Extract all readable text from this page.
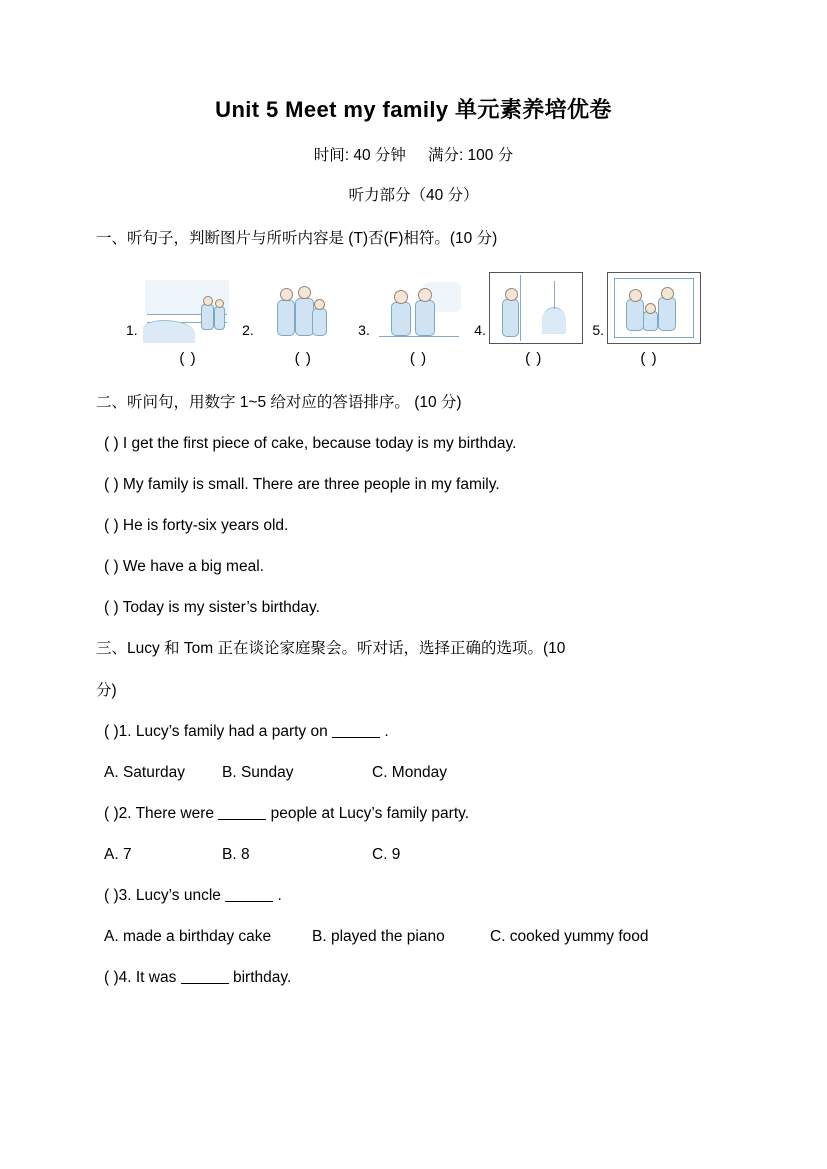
Unit 5 Meet my family 单元素养培优卷
时间: 40 分钟 满分: 100 分
听力部分（40 分）
一、听句子，判断图片与所听内容是 (T)否(F)相符。(10 分)
1.	2.	3.	4.	5.
( )	( )	( )	( )	( )
二、听问句，用数字 1~5 给对应的答语排序。 (10 分)
( ) I get the first piece of cake, because today is my birthday.
( ) My family is small. There are three people in my family.
( ) He is forty-six years old.
( ) We have a big meal.
( ) Today is my sister’s birthday.
三、Lucy 和 Tom 正在谈论家庭聚会。听对话，选择正确的选项。(10
分)
( )1. Lucy’s family had a party on	.
A. Saturday B. Sunday	C. Monday
( )2. There were	people at Lucy’s family party.
A. 7	B. 8	C. 9
( )3. Lucy’s uncle	.
A. made a birthday cake	B. played the piano	C. cooked yummy food
( )4. It was	birthday.
